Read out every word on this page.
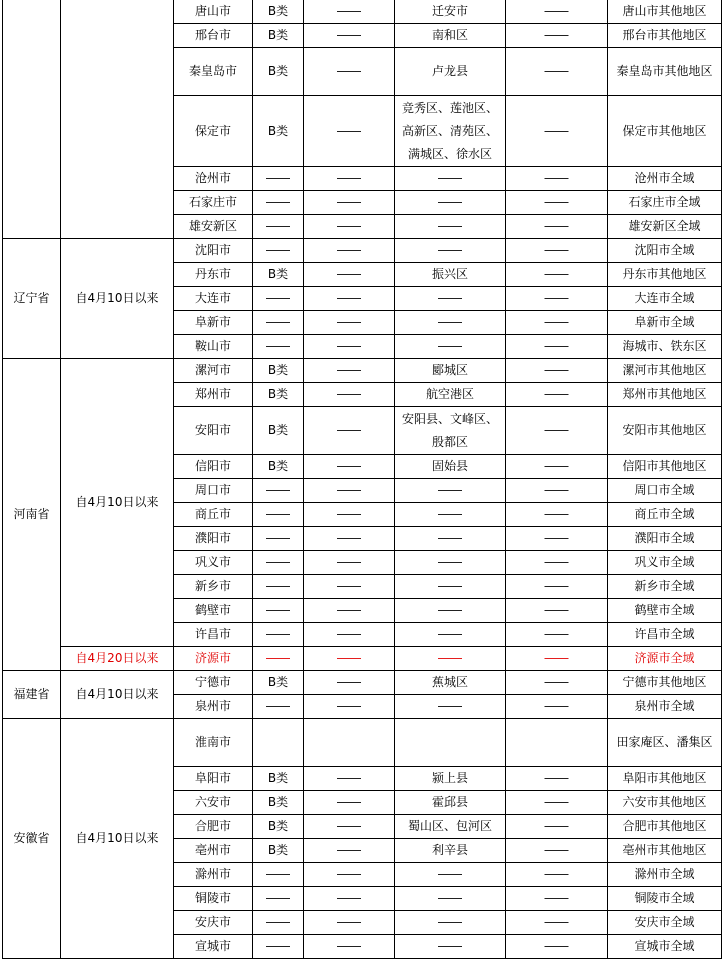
		唐山市	B类	――	迁安市	――	唐山市其他地区
		邢台市	B类	――	南和区	――	邢台市其他地区
		秦皇岛市	B类	――	卢龙县	――	秦皇岛市其他地区
		保定市	B类	――	竞秀区、莲池区、高新区、清苑区、满城区、徐水区	――	保定市其他地区
		沧州市	――	――	――	――	沧州市全域
		石家庄市	――	――	――	――	石家庄市全域
		雄安新区	――	――	――	――	雄安新区全域
辽宁省	自4月10日以来	沈阳市	――	――	――	――	沈阳市全域
		丹东市	B类	――	振兴区	――	丹东市其他地区
		大连市	――	――	――	――	大连市全域
		阜新市	――	――	――	――	阜新市全域
		鞍山市	――	――	――	――	海城市、铁东区
河南省	自4月10日以来	漯河市	B类	――	郾城区	――	漯河市其他地区
		郑州市	B类	――	航空港区	――	郑州市其他地区
		安阳市	B类	――	安阳县、文峰区、殷都区	――	安阳市其他地区
		信阳市	B类	――	固始县	――	信阳市其他地区
		周口市	――	――	――	――	周口市全域
		商丘市	――	――	――	――	商丘市全域
		濮阳市	――	――	――	――	濮阳市全域
		巩义市	――	――	――	――	巩义市全域
		新乡市	――	――	――	――	新乡市全域
		鹤壁市	――	――	――	――	鹤壁市全域
		许昌市	――	――	――	――	许昌市全域
	自4月20日以来	济源市	――	――	――	――	济源市全域
福建省	自4月10日以来	宁德市	B类	――	蕉城区	――	宁德市其他地区
		泉州市	――	――	――	――	泉州市全域
安徽省	自4月10日以来	淮南市					田家庵区、潘集区
		阜阳市	B类	――	颍上县	――	阜阳市其他地区
		六安市	B类	――	霍邱县	――	六安市其他地区
		合肥市	B类	――	蜀山区、包河区	――	合肥市其他地区
		亳州市	B类	――	利辛县	――	亳州市其他地区
		滁州市	――	――	――	――	滁州市全域
		铜陵市	――	――	――	――	铜陵市全域
		安庆市	――	――	――	――	安庆市全域
		宣城市	――	――	――	――	宣城市全域
